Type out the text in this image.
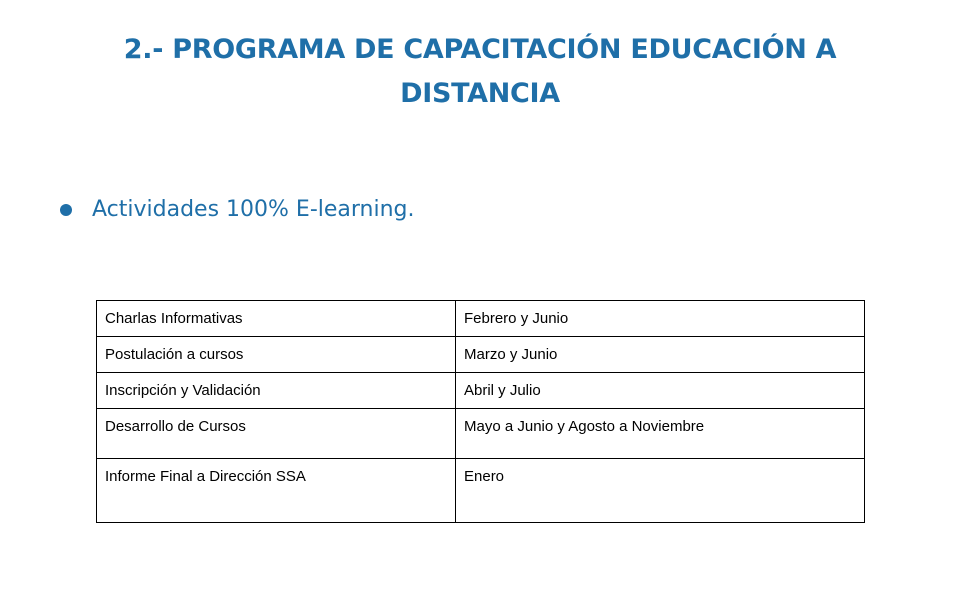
2.- PROGRAMA DE CAPACITACIÓN EDUCACIÓN A
DISTANCIA
Actividades 100% E-learning.
Charlas Informativas	Febrero y Junio
Postulación a cursos	Marzo y Junio
Inscripción y Validación	Abril y Julio
Desarrollo de Cursos	Mayo a Junio y Agosto a Noviembre
Informe Final a Dirección SSA	Enero
